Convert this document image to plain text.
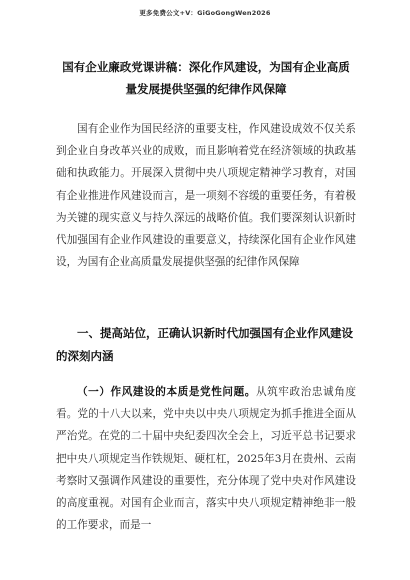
更多免费公文+V：GiGoGongWen2026
国有企业廉政党课讲稿：深化作风建设，为国有企业高质量发展提供坚强的纪律作风保障
国有企业作为国民经济的重要支柱，作风建设成效不仅关系到企业自身改革兴业的成败，而且影响着党在经济领域的执政基础和执政能力。开展深入贯彻中央八项规定精神学习教育，对国有企业推进作风建设而言，是一项刻不容缓的重要任务，有着极为关键的现实意义与持久深远的战略价值。我们要深刻认识新时代加强国有企业作风建设的重要意义，持续深化国有企业作风建设，为国有企业高质量发展提供坚强的纪律作风保障
一、提高站位，正确认识新时代加强国有企业作风建设的深刻内涵
（一）作风建设的本质是党性问题。从筑牢政治忠诚角度看。党的十八大以来，党中央以中央八项规定为抓手推进全面从严治党。在党的二十届中央纪委四次全会上，习近平总书记要求把中央八项规定当作铁规矩、硬杠杠，2025年3月在贵州、云南考察时又强调作风建设的重要性，充分体现了党中央对作风建设的高度重视。对国有企业而言，落实中央八项规定精神绝非一般的工作要求，而是一
